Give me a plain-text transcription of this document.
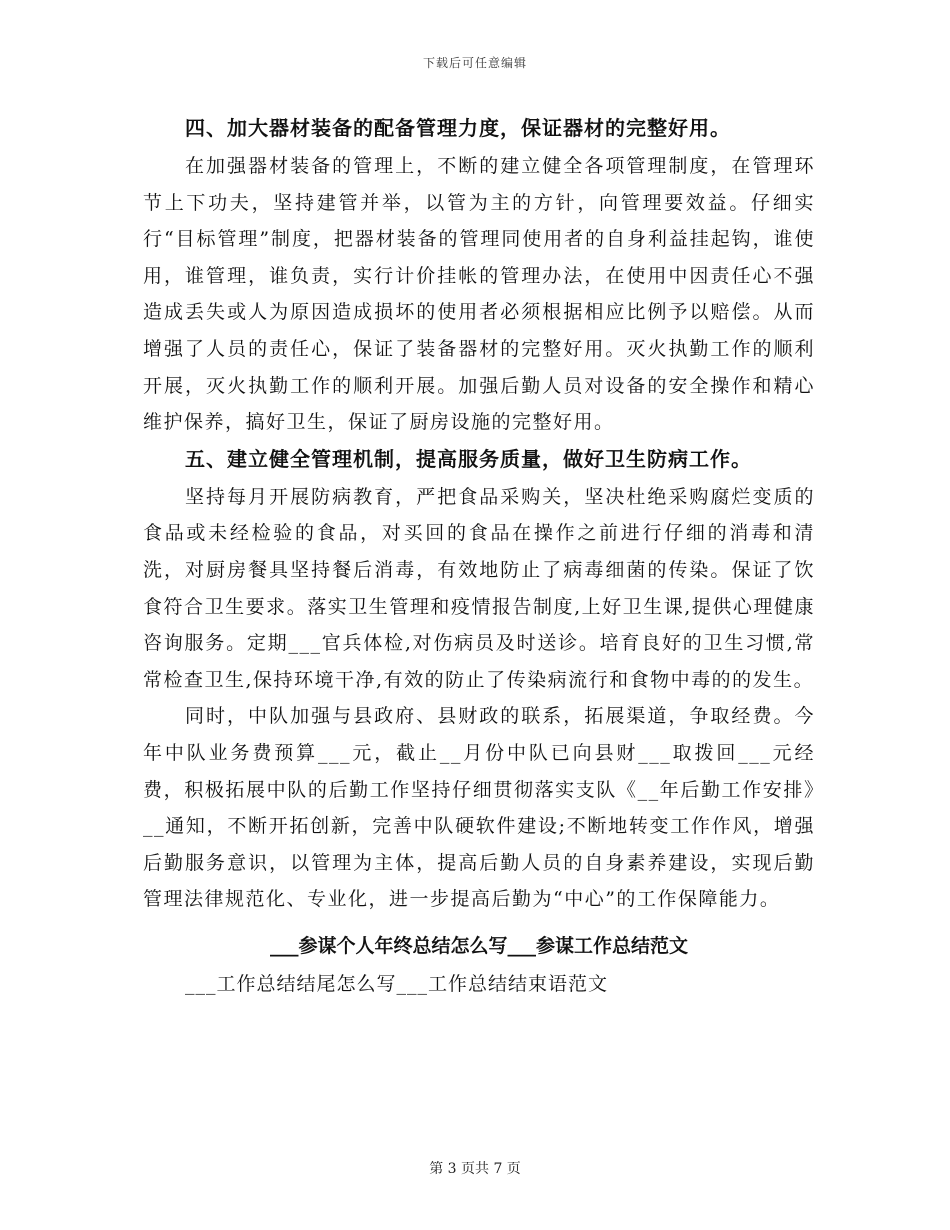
下载后可任意编辑
四、加大器材装备的配备管理力度，保证器材的完整好用。

在加强器材装备的管理上，不断的建立健全各项管理制度，在管理环节上下功夫，坚持建管并举，以管为主的方针，向管理要效益。仔细实行“目标管理”制度，把器材装备的管理同使用者的自身利益挂起钩，谁使用，谁管理，谁负责，实行计价挂帐的管理办法，在使用中因责任心不强造成丢失或人为原因造成损坏的使用者必须根据相应比例予以赔偿。从而增强了人员的责任心，保证了装备器材的完整好用。灭火执勤工作的顺利开展，灭火执勤工作的顺利开展。加强后勤人员对设备的安全操作和精心维护保养，搞好卫生，保证了厨房设施的完整好用。

五、建立健全管理机制，提高服务质量，做好卫生防病工作。

坚持每月开展防病教育，严把食品采购关，坚决杜绝采购腐烂变质的食品或未经检验的食品，对买回的食品在操作之前进行仔细的消毒和清洗，对厨房餐具坚持餐后消毒，有效地防止了病毒细菌的传染。保证了饮食符合卫生要求。落实卫生管理和疫情报告制度,上好卫生课,提供心理健康咨询服务。定期___官兵体检,对伤病员及时送诊。培育良好的卫生习惯,常常检查卫生,保持环境干净,有效的防止了传染病流行和食物中毒的的发生。

同时，中队加强与县政府、县财政的联系，拓展渠道，争取经费。今年中队业务费预算___元，截止__月份中队已向县财___取拨回___元经费，积极拓展中队的后勤工作坚持仔细贯彻落实支队《__年后勤工作安排》__通知，不断开拓创新，完善中队硬软件建设;不断地转变工作作风，增强后勤服务意识，以管理为主体，提高后勤人员的自身素养建设，实现后勤管理法律规范化、专业化，进一步提高后勤为“中心”的工作保障能力。

___参谋个人年终总结怎么写___参谋工作总结范文
___工作总结结尾怎么写___工作总结结束语范文
第 3 页共 7 页
